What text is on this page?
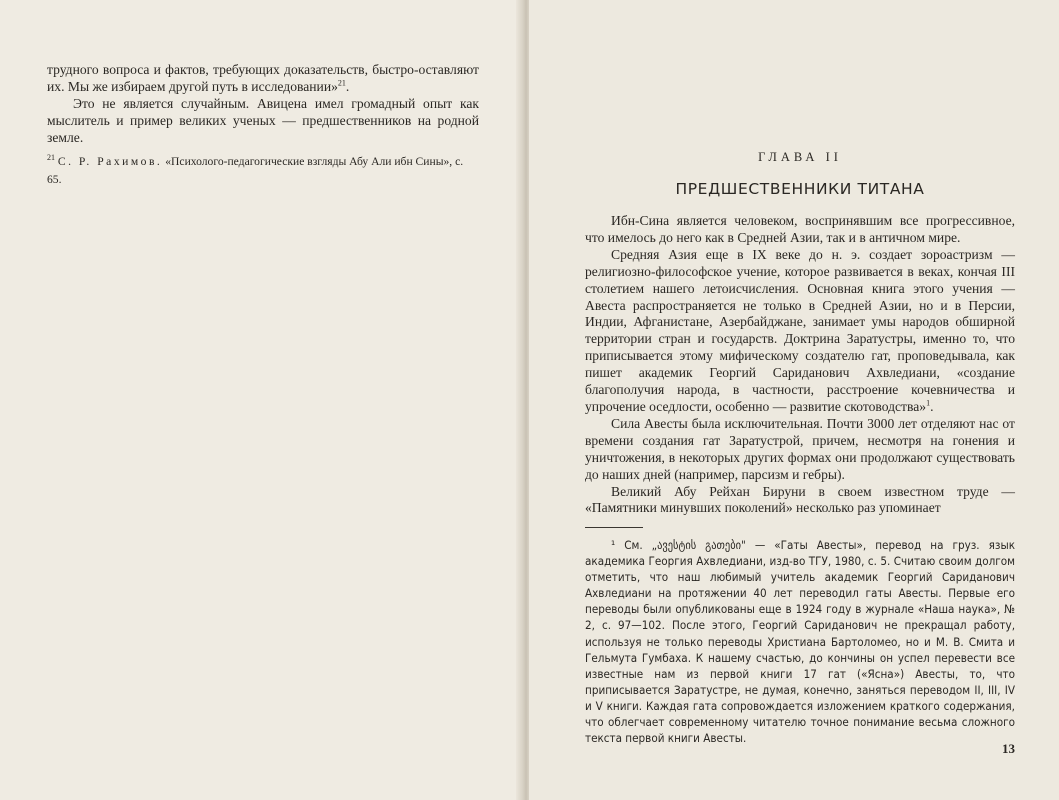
трудного вопроса и фактов, требующих доказательств, быстро-оставляют их. Мы же избираем другой путь в исследовании»$^{21}$.

Это не является случайным. Авицена имел громадный опыт как мыслитель и пример великих ученых — предшественников на родной земле.

$^{21}$ С. Р. Рахимов. «Психолого-педагогические взгляды Абу Али ибн Сины», с. 65.
ГЛАВА II
ПРЕДШЕСТВЕННИКИ ТИТАНА

Ибн-Сина является человеком, воспринявшим все прогрессивное, что имелось до него как в Средней Азии, так и в античном мире.

Средняя Азия еще в IX веке до н. э. создает зороастризм — религиозно-философское учение, которое развивается в веках, кончая III столетием нашего летоисчисления. Основная книга этого учения — Авеста распространяется не только в Средней Азии, но и в Персии, Индии, Афганистане, Азербайджане, занимает умы народов обширной территории стран и государств. Доктрина Заратустры, именно то, что приписывается этому мифическому создателю гат, проповедывала, как пишет академик Георгий Сариданович Ахвледиани, «создание благополучия народа, в частности, расстроение кочевничества и упрочение оседлости, особенно — развитие скотоводства»$^1$.

Сила Авесты была исключительная. Почти 3000 лет отделяют нас от времени создания гат Заратустрой, причем, несмотря на гонения и уничтожения, в некоторых других формах они продолжают существовать до наших дней (например, парсизм и гебры).

Великий Абу Рейхан Бируни в своем известном труде — «Памятники минувших поколений» несколько раз упоминает

¹ См. „ავესტის გათები" — «Гаты Авесты», перевод на груз. язык академика Георгия Ахвледиани, изд-во ТГУ, 1980, с. 5. Считаю своим долгом отметить, что наш любимый учитель академик Георгий Сариданович Ахвледиани на протяжении 40 лет переводил гаты Авесты. Первые его переводы были опубликованы еще в 1924 году в журнале «Наша наука», № 2, с. 97—102. После этого, Георгий Сариданович не прекращал работу, используя не только переводы Христиана Бартоломео, но и М. В. Смита и Гельмута Гумбаха. К нашему счастью, до кончины он успел перевести все известные нам из первой книги 17 гат («Ясна») Авесты, то, что приписывается Заратустре, не думая, конечно, заняться переводом II, III, IV и V книги. Каждая гата сопровождается изложением краткого содержания, что облегчает современному читателю точное понимание весьма сложного текста первой книги Авесты.

13
